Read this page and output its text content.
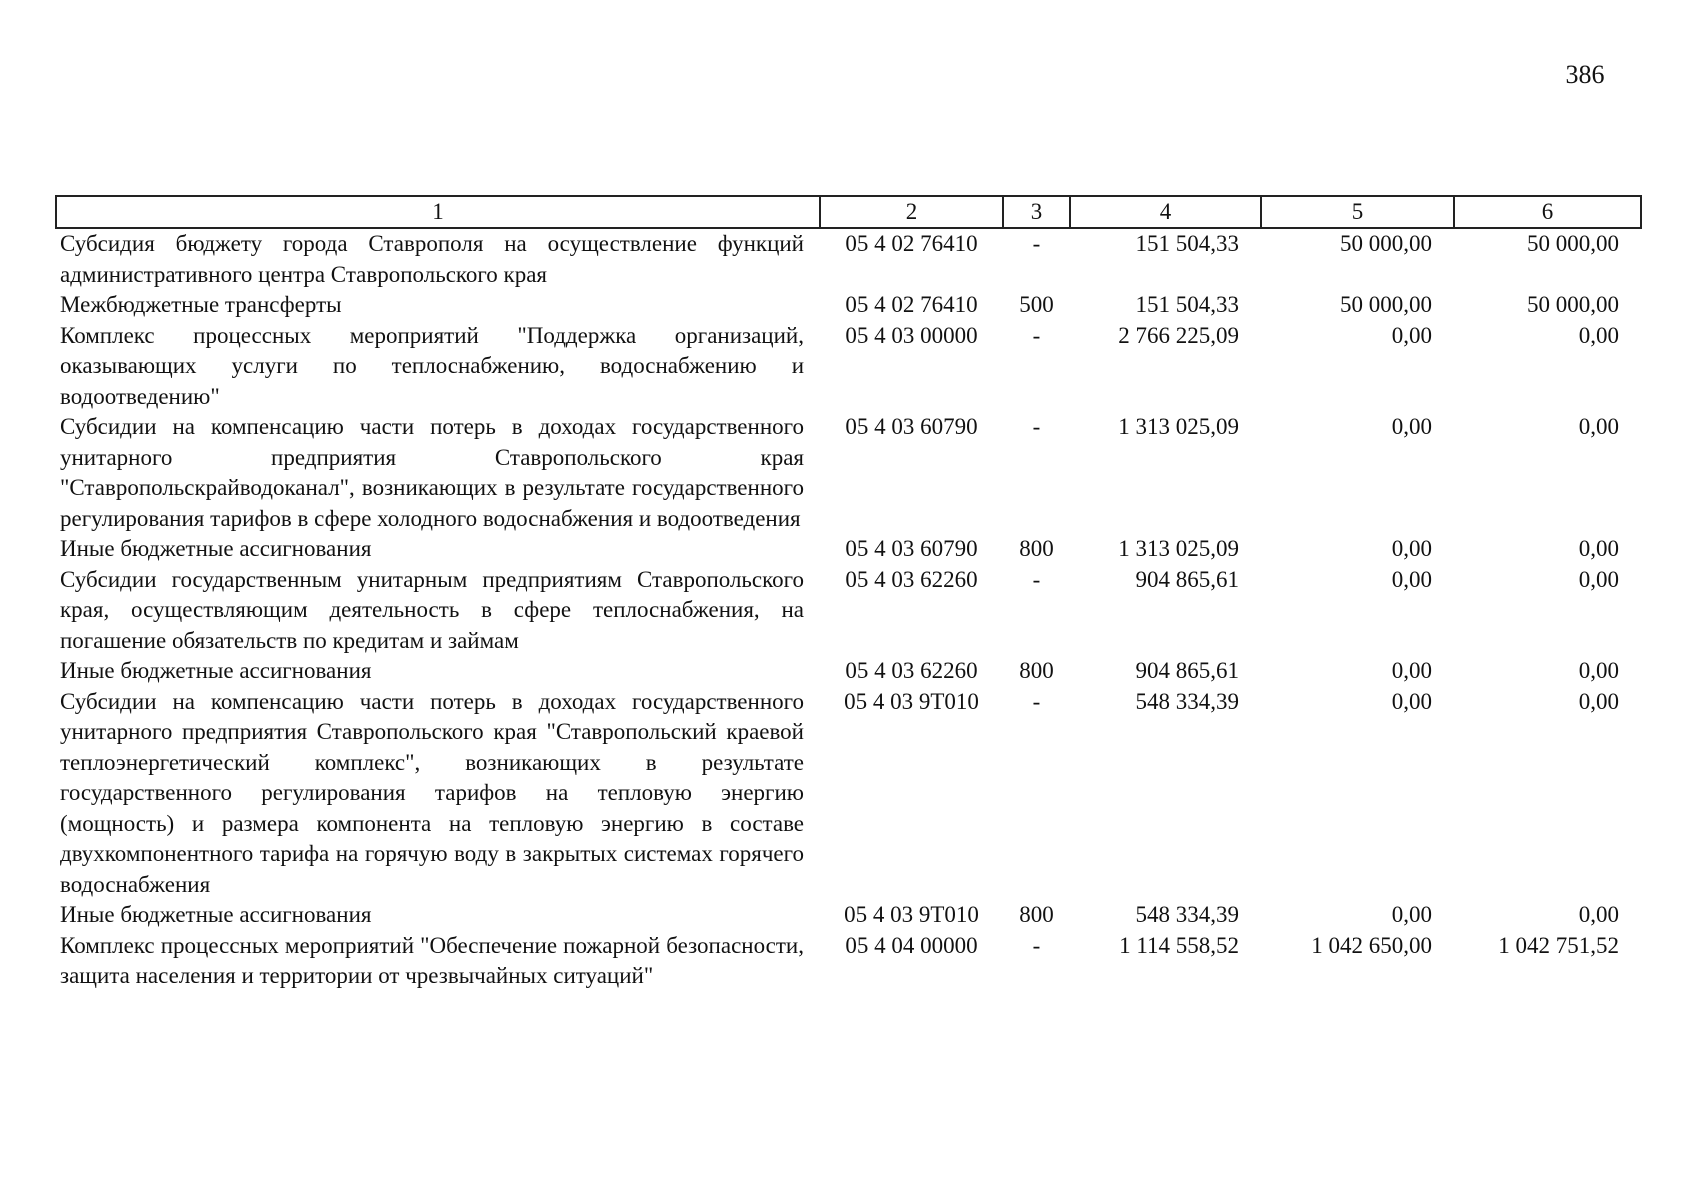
386
1	2	3	4	5	6
Субсидия бюджету города Ставрополя на осуществление функций административного центра Ставропольского края	05 4 02 76410	-	151 504,33	50 000,00	50 000,00
Межбюджетные трансферты	05 4 02 76410	500	151 504,33	50 000,00	50 000,00
Комплекс процессных мероприятий "Поддержка организаций, оказывающих услуги по теплоснабжению, водоснабжению и водоотведению"	05 4 03 00000	-	2 766 225,09	0,00	0,00
Субсидии на компенсацию части потерь в доходах государственного унитарного предприятия Ставропольского края "Ставропольcкрайводоканал", возникающих в результате государственного регулирования тарифов в сфере холодного водоснабжения и водоотведения	05 4 03 60790	-	1 313 025,09	0,00	0,00
Иные бюджетные ассигнования	05 4 03 60790	800	1 313 025,09	0,00	0,00
Субсидии государственным унитарным предприятиям Ставропольского края, осуществляющим деятельность в сфере теплоснабжения, на погашение обязательств по кредитам и займам	05 4 03 62260	-	904 865,61	0,00	0,00
Иные бюджетные ассигнования	05 4 03 62260	800	904 865,61	0,00	0,00
Субсидии на компенсацию части потерь в доходах государственного унитарного предприятия Ставропольского края "Ставропольский краевой теплоэнергетический комплекс", возникающих в результате государственного регулирования тарифов на тепловую энергию (мощность) и размера компонента на тепловую энергию в составе двухкомпонентного тарифа на горячую воду в закрытых системах горячего водоснабжения	05 4 03 9Т010	-	548 334,39	0,00	0,00
Иные бюджетные ассигнования	05 4 03 9Т010	800	548 334,39	0,00	0,00
Комплекс процессных мероприятий "Обеспечение пожарной безопасности, защита населения и территории от чрезвычайных ситуаций"	05 4 04 00000	-	1 114 558,52	1 042 650,00	1 042 751,52
